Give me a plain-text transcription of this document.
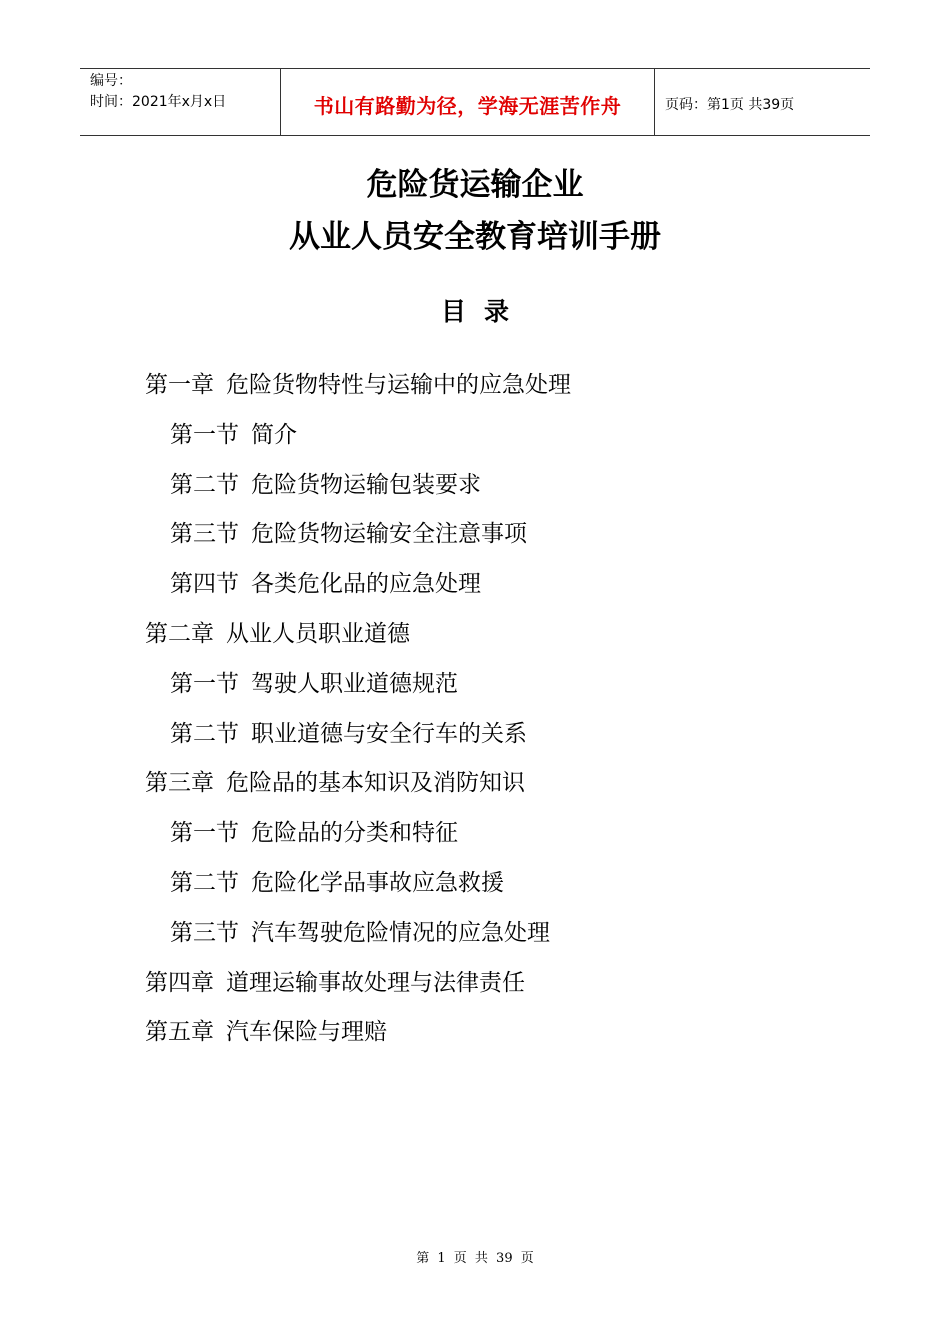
编号：
时间：2021年x月x日	书山有路勤为径，学海无涯苦作舟	页码：第1页 共39页
危险货运输企业
从业人员安全教育培训手册
目录
第一章 危险货物特性与运输中的应急处理
第一节 简介
第二节 危险货物运输包装要求
第三节 危险货物运输安全注意事项
第四节 各类危化品的应急处理
第二章 从业人员职业道德
第一节 驾驶人职业道德规范
第二节 职业道德与安全行车的关系
第三章 危险品的基本知识及消防知识
第一节 危险品的分类和特征
第二节 危险化学品事故应急救援
第三节 汽车驾驶危险情况的应急处理
第四章 道理运输事故处理与法律责任
第五章 汽车保险与理赔
第 1 页 共 39 页
